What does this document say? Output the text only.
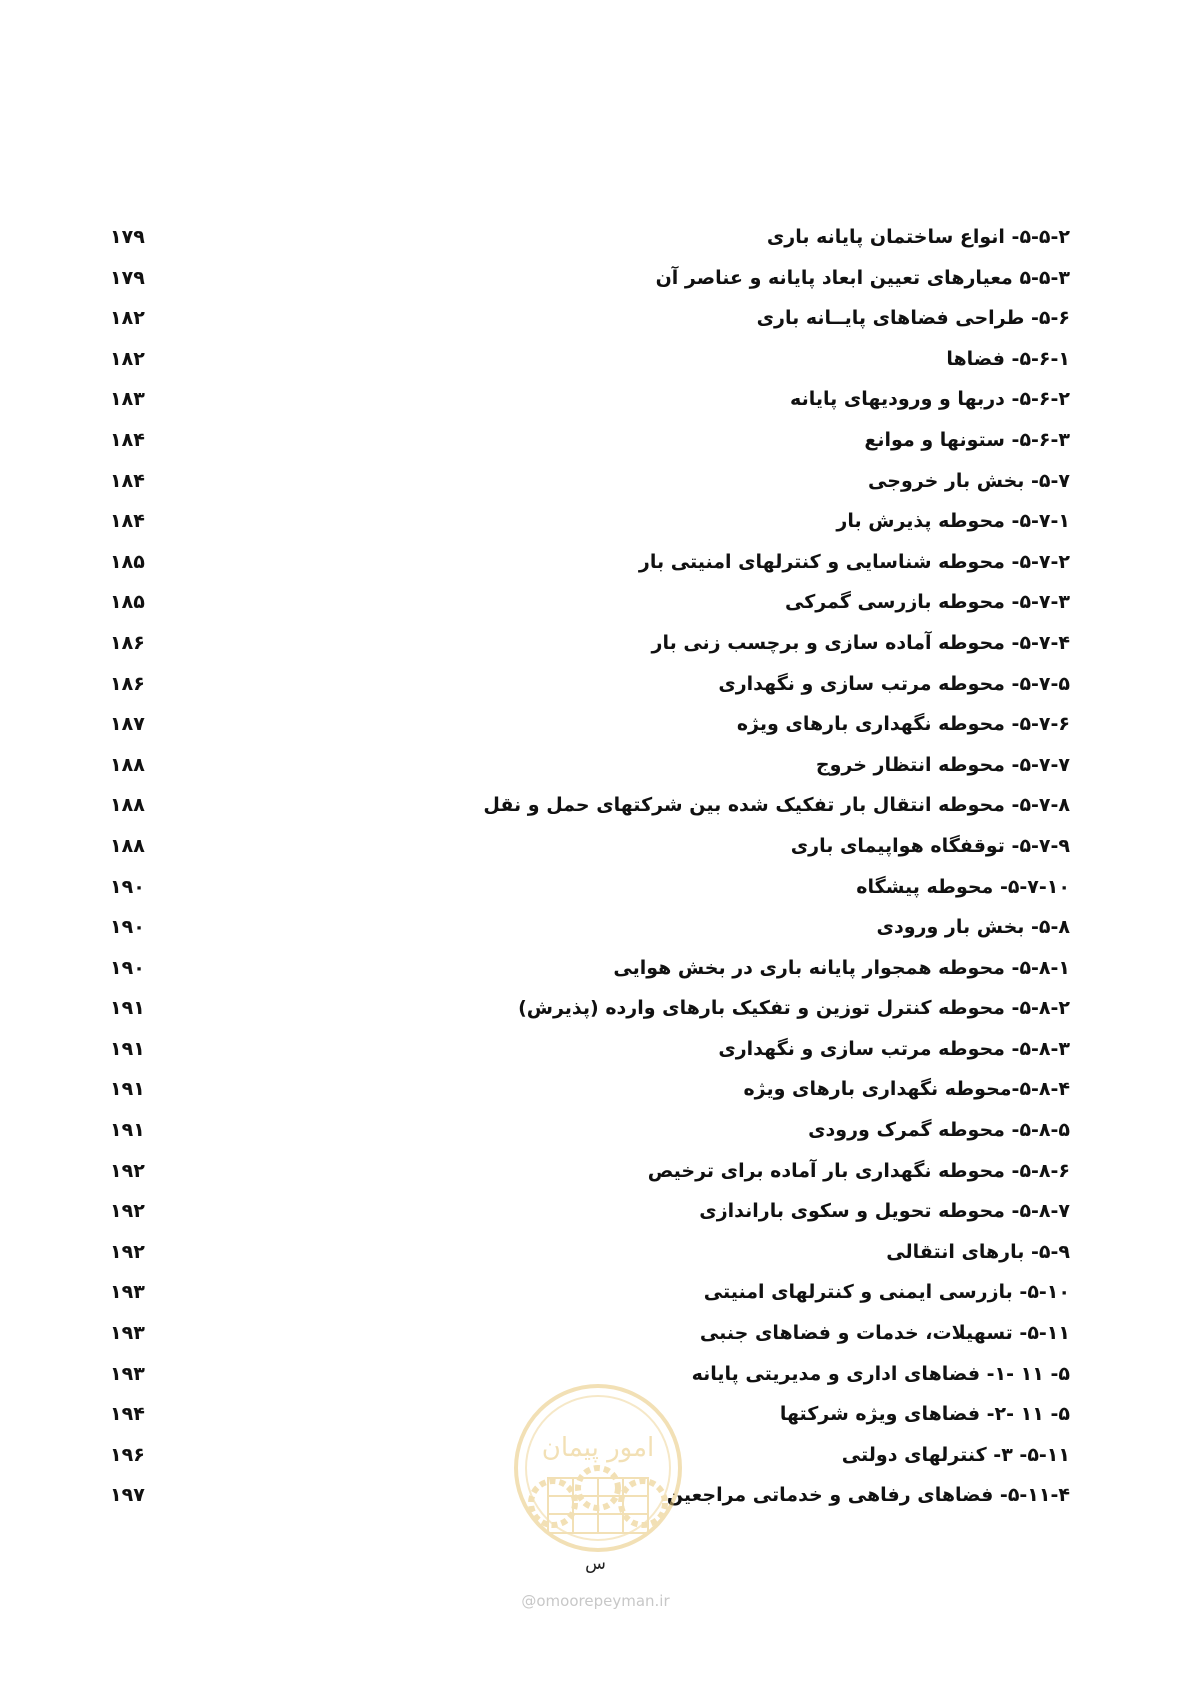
۵-۵-۲- انواع ساختمان پایانه باری
۱۷۹
۵-۵-۳ معیارهای تعیین ابعاد پایانه و عناصر آن
۱۷۹
۵-۶- طراحی فضاهای پایــانه باری
۱۸۲
۵-۶-۱- فضاها
۱۸۲
۵-۶-۲- دربها و ورودیهای پایانه
۱۸۳
۵-۶-۳- ستونها و موانع
۱۸۴
۵-۷- بخش بار خروجی
۱۸۴
۵-۷-۱- محوطه پذیرش بار
۱۸۴
۵-۷-۲- محوطه شناسایی و کنترلهای امنیتی بار
۱۸۵
۵-۷-۳- محوطه بازرسی گمرکی
۱۸۵
۵-۷-۴- محوطه آماده سازی و برچسب زنی بار
۱۸۶
۵-۷-۵- محوطه مرتب سازی و نگهداری
۱۸۶
۵-۷-۶- محوطه نگهداری بارهای ویژه
۱۸۷
۵-۷-۷- محوطه انتظار خروج
۱۸۸
۵-۷-۸- محوطه انتقال بار تفکیک شده بین شرکتهای حمل و نقل
۱۸۸
۵-۷-۹- توقفگاه هواپیمای باری
۱۸۸
۵-۷-۱۰- محوطه پیشگاه
۱۹۰
۵-۸- بخش بار ورودی
۱۹۰
۵-۸-۱- محوطه همجوار پایانه باری در بخش هوایی
۱۹۰
۵-۸-۲- محوطه کنترل توزین و تفکیک بارهای وارده (پذیرش)
۱۹۱
۵-۸-۳- محوطه مرتب سازی و نگهداری
۱۹۱
۵-۸-۴-محوطه نگهداری بارهای ویژه
۱۹۱
۵-۸-۵- محوطه گمرک ورودی
۱۹۱
۵-۸-۶- محوطه نگهداری بار آماده برای ترخیص
۱۹۲
۵-۸-۷- محوطه تحویل و سکوی باراندازی
۱۹۲
۵-۹- بارهای انتقالی
۱۹۲
۵-۱۰- بازرسی ایمنی و کنترلهای امنیتی
۱۹۳
۵-۱۱- تسهیلات، خدمات و فضاهای جنبی
۱۹۳
۵- ۱۱ -۱- فضاهای اداری و مدیریتی پایانه
۱۹۳
۵- ۱۱ -۲- فضاهای ویژه شرکتها
۱۹۴
۵-۱۱- ۳- کنترلهای دولتی
۱۹۶
۵-۱۱-۴- فضاهای رفاهی و خدماتی مراجعین
۱۹۷
امور پیمان
س
@omoorepeyman.ir
